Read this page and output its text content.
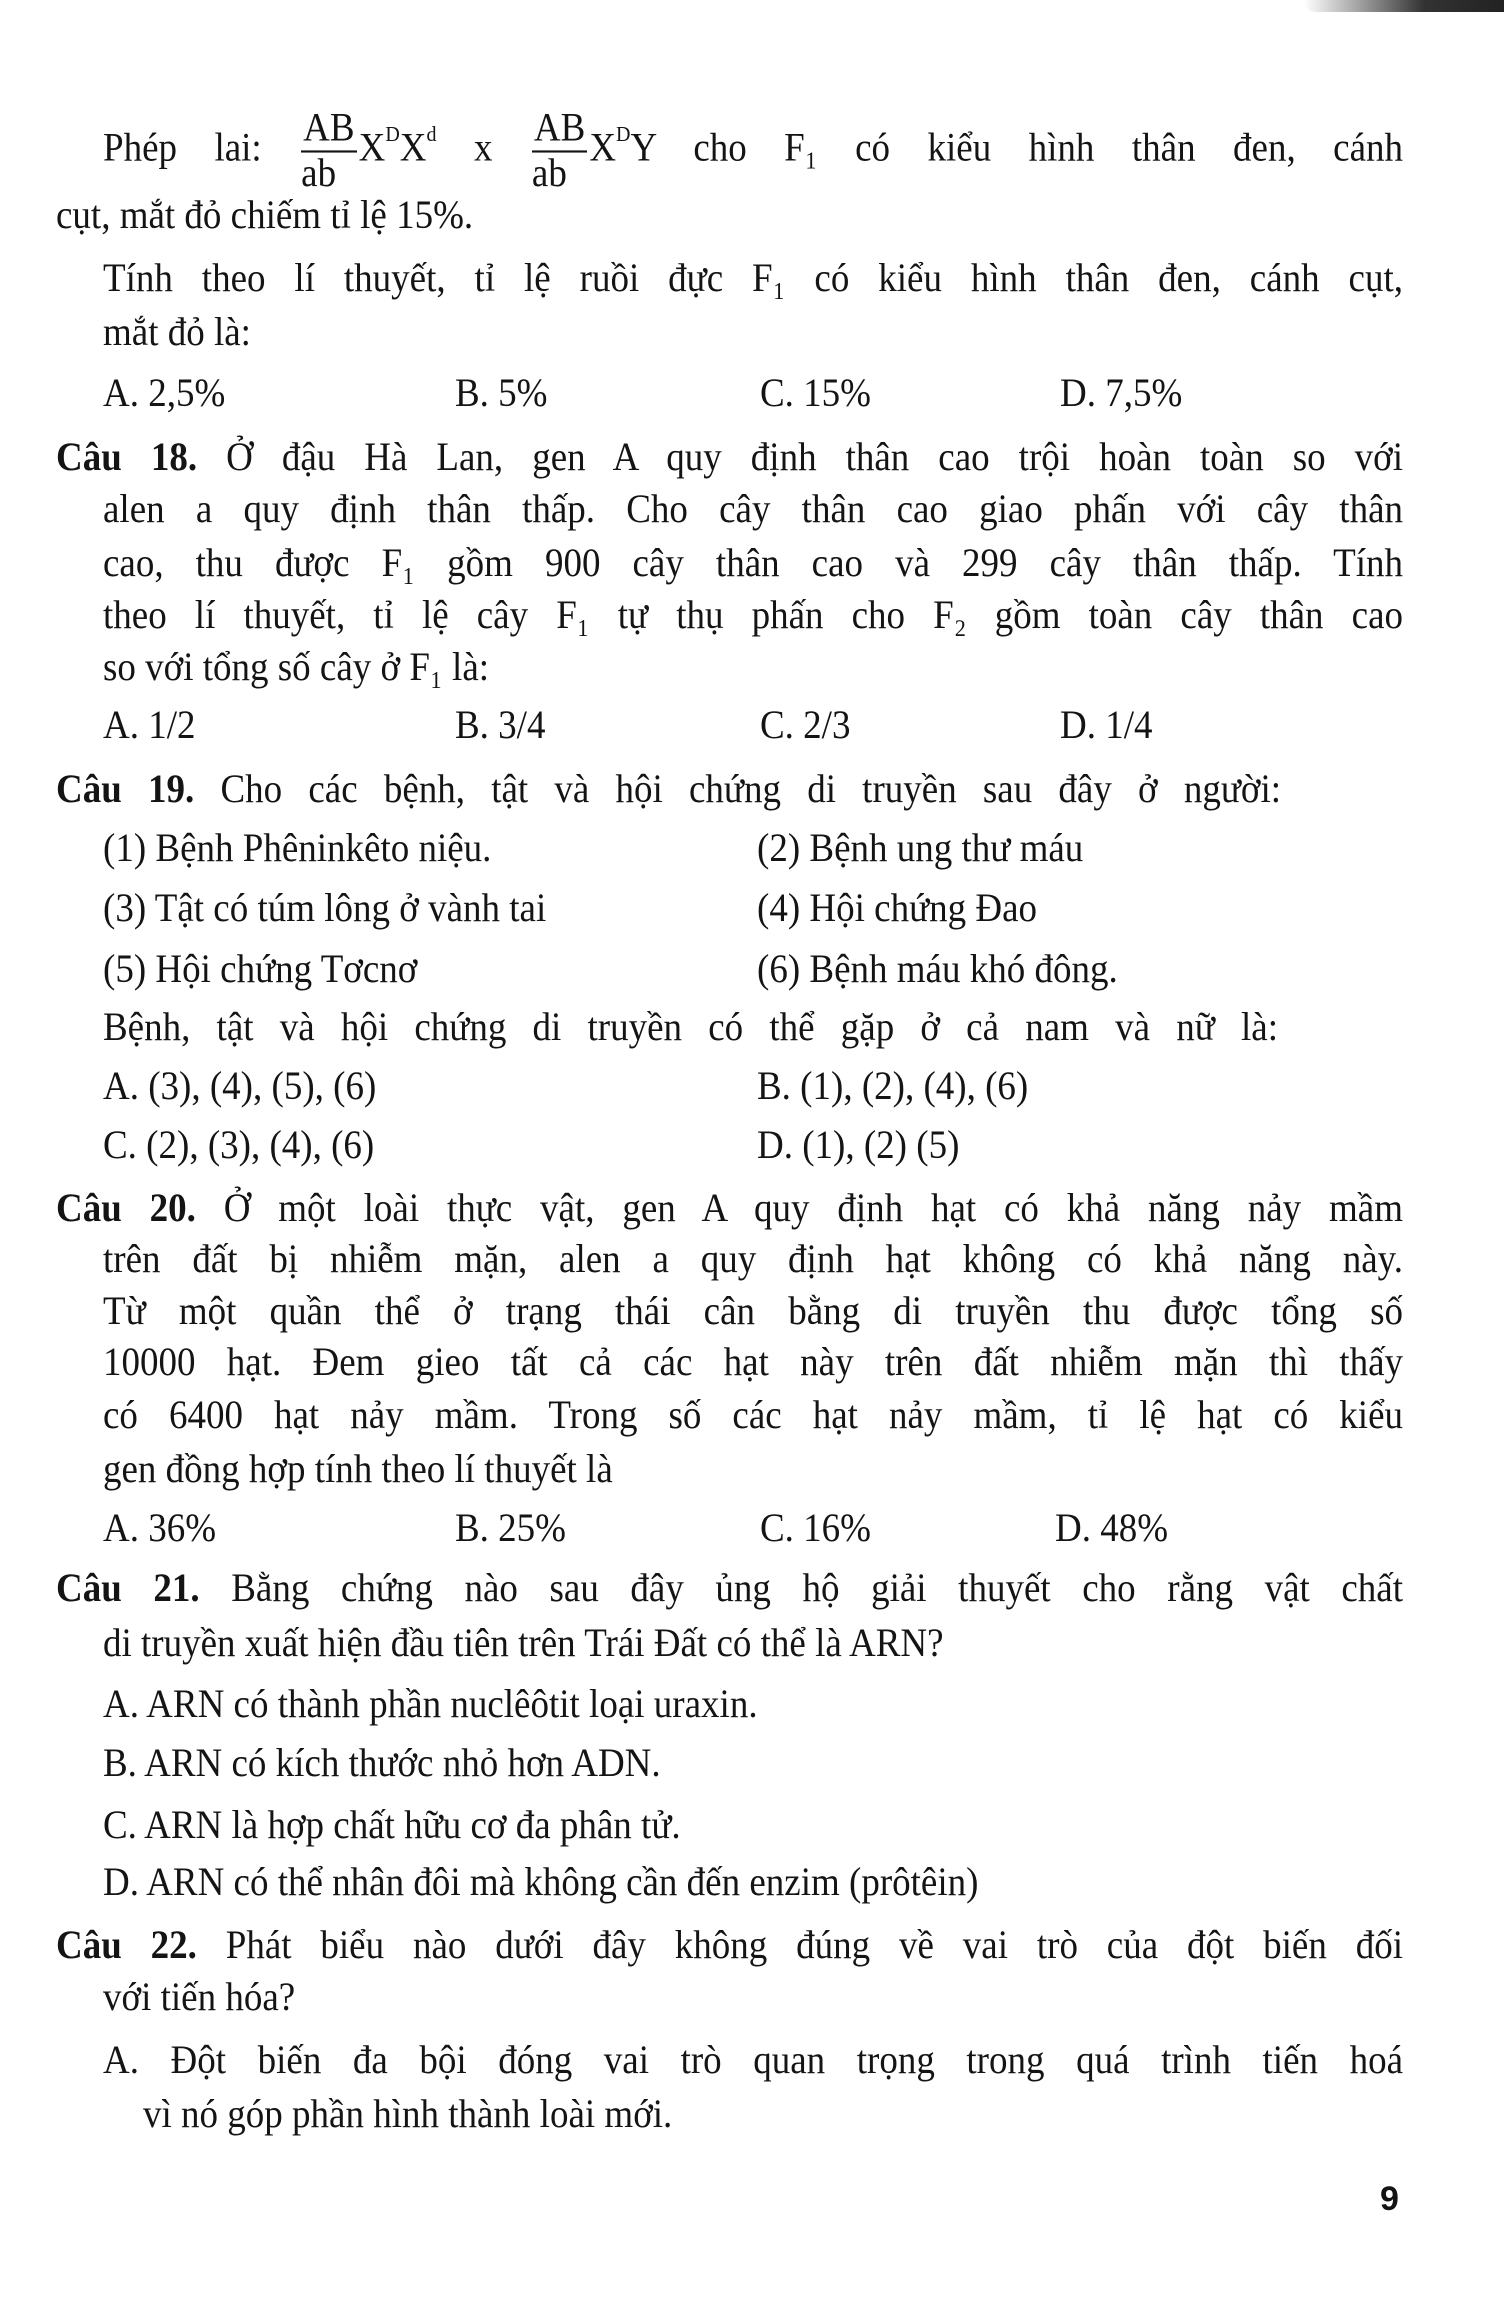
Phép lai: $\frac{AB}{ab} X^DX^d$ x $\frac{AB}{ab} X^DY$ cho F₁ có kiểu hình thân đen, cánh
cụt, mắt đỏ chiếm tỉ lệ 15%.
Tính theo lí thuyết, tỉ lệ ruồi đực F₁ có kiểu hình thân đen, cánh cụt,
mắt đỏ là:
A. 2,5%	B. 5%	C. 15%	D. 7,5%
Câu 18. Ở đậu Hà Lan, gen A quy định thân cao trội hoàn toàn so với
alen a quy định thân thấp. Cho cây thân cao giao phấn với cây thân
cao, thu được F₁ gồm 900 cây thân cao và 299 cây thân thấp. Tính
theo lí thuyết, tỉ lệ cây F₁ tự thụ phấn cho F₂ gồm toàn cây thân cao
so với tổng số cây ở F₁ là:
A. 1/2	B. 3/4	C. 2/3	D. 1/4
Câu 19. Cho các bệnh, tật và hội chứng di truyền sau đây ở người:
(1) Bệnh Phêninkêto niệu.	(2) Bệnh ung thư máu
(3) Tật có túm lông ở vành tai	(4) Hội chứng Đao
(5) Hội chứng Tơcnơ	(6) Bệnh máu khó đông.
Bệnh, tật và hội chứng di truyền có thể gặp ở cả nam và nữ là:
A. (3), (4), (5), (6)	B. (1), (2), (4), (6)
C. (2), (3), (4), (6)	D. (1), (2) (5)
Câu 20. Ở một loài thực vật, gen A quy định hạt có khả năng nảy mầm
trên đất bị nhiễm mặn, alen a quy định hạt không có khả năng này.
Từ một quần thể ở trạng thái cân bằng di truyền thu được tổng số
10000 hạt. Đem gieo tất cả các hạt này trên đất nhiễm mặn thì thấy
có 6400 hạt nảy mầm. Trong số các hạt nảy mầm, tỉ lệ hạt có kiểu
gen đồng hợp tính theo lí thuyết là
A. 36%	B. 25%	C. 16%	D. 48%
Câu 21. Bằng chứng nào sau đây ủng hộ giải thuyết cho rằng vật chất
di truyền xuất hiện đầu tiên trên Trái Đất có thể là ARN?
A. ARN có thành phần nuclêôtit loại uraxin.
B. ARN có kích thước nhỏ hơn ADN.
C. ARN là hợp chất hữu cơ đa phân tử.
D. ARN có thể nhân đôi mà không cần đến enzim (prôtêin)
Câu 22. Phát biểu nào dưới đây không đúng về vai trò của đột biến đối
với tiến hóa?
A. Đột biến đa bội đóng vai trò quan trọng trong quá trình tiến hoá
vì nó góp phần hình thành loài mới.
9
